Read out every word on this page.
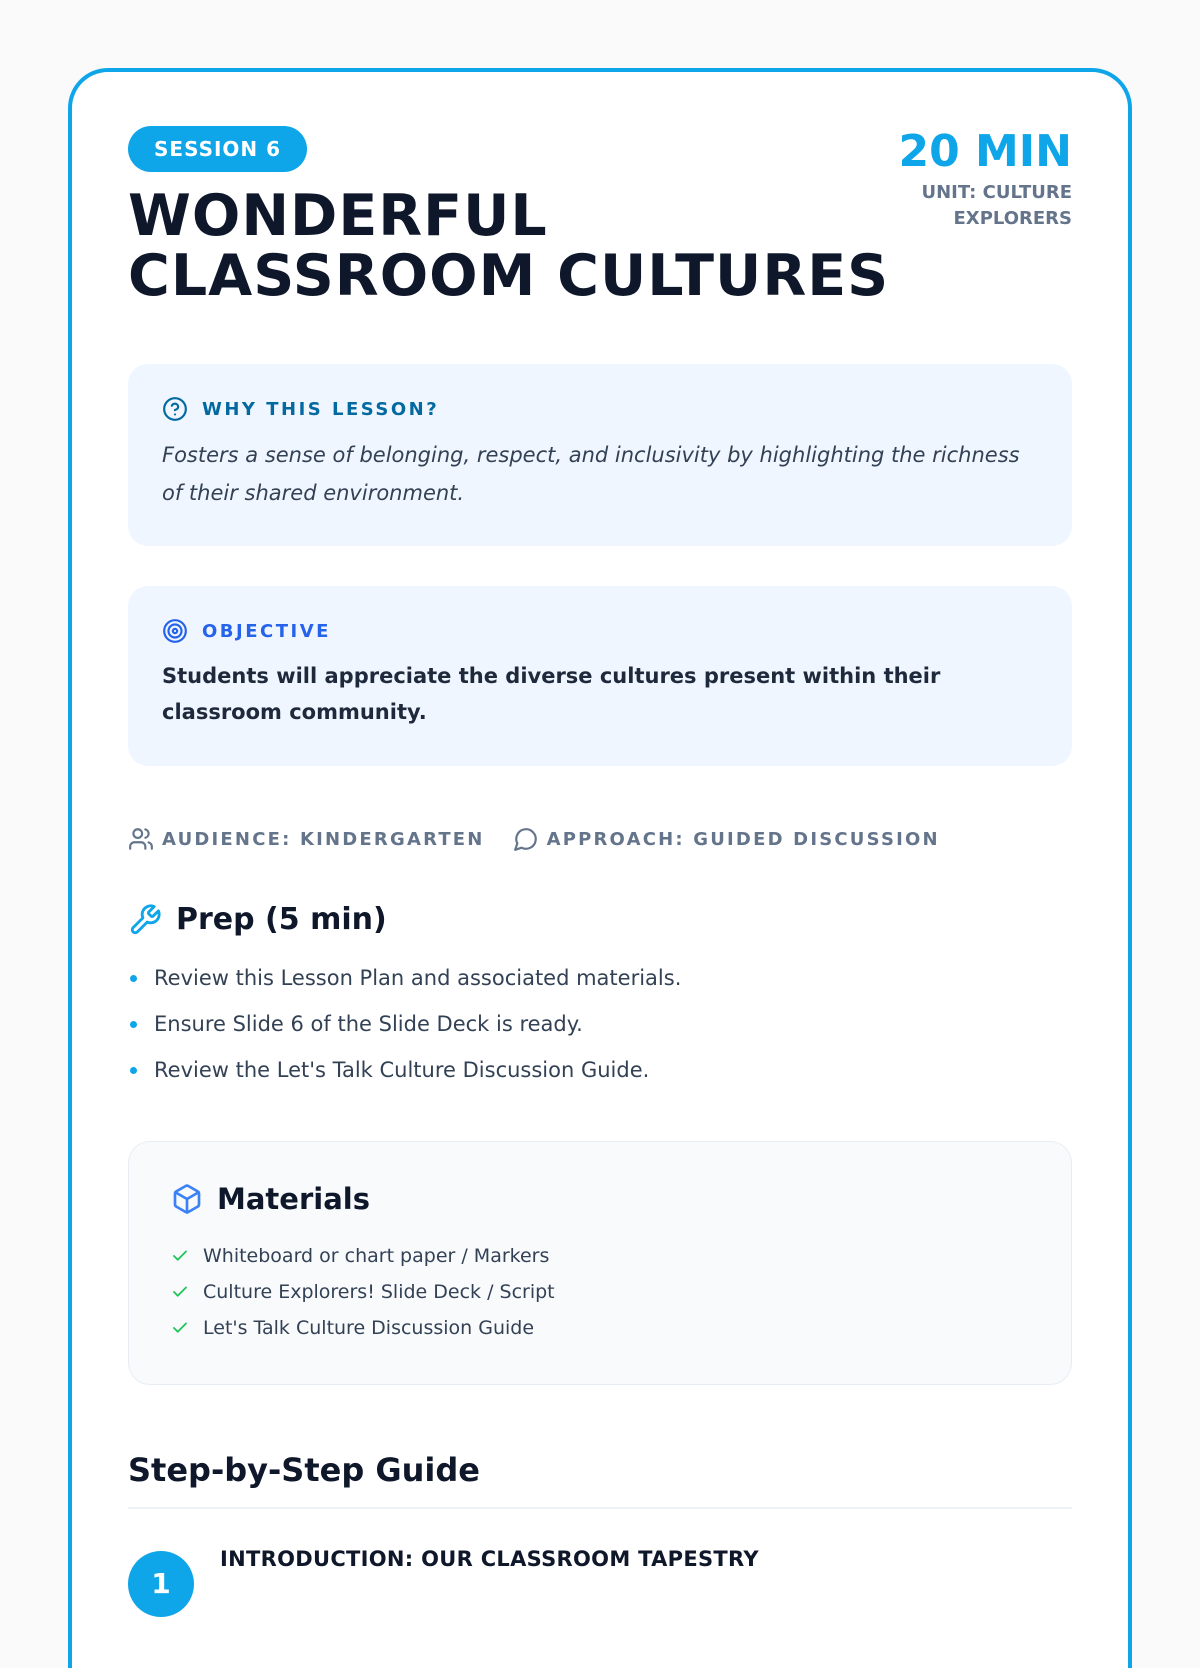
20 MIN
UNIT: CULTURE EXPLORERS
SESSION 6
WONDERFUL CLASSROOM CULTURES
WHY THIS LESSON?
Fosters a sense of belonging, respect, and inclusivity by highlighting the richness of their shared environment.
OBJECTIVE
Students will appreciate the diverse cultures present within their classroom community.
AUDIENCE: KINDERGARTEN	APPROACH: GUIDED DISCUSSION
Prep (5 min)
Review this Lesson Plan and associated materials.
Ensure Slide 6 of the Slide Deck is ready.
Review the Let's Talk Culture Discussion Guide.
Materials
Whiteboard or chart paper / Markers
Culture Explorers! Slide Deck / Script
Let's Talk Culture Discussion Guide
Step-by-Step Guide
1
INTRODUCTION: OUR CLASSROOM TAPESTRY
